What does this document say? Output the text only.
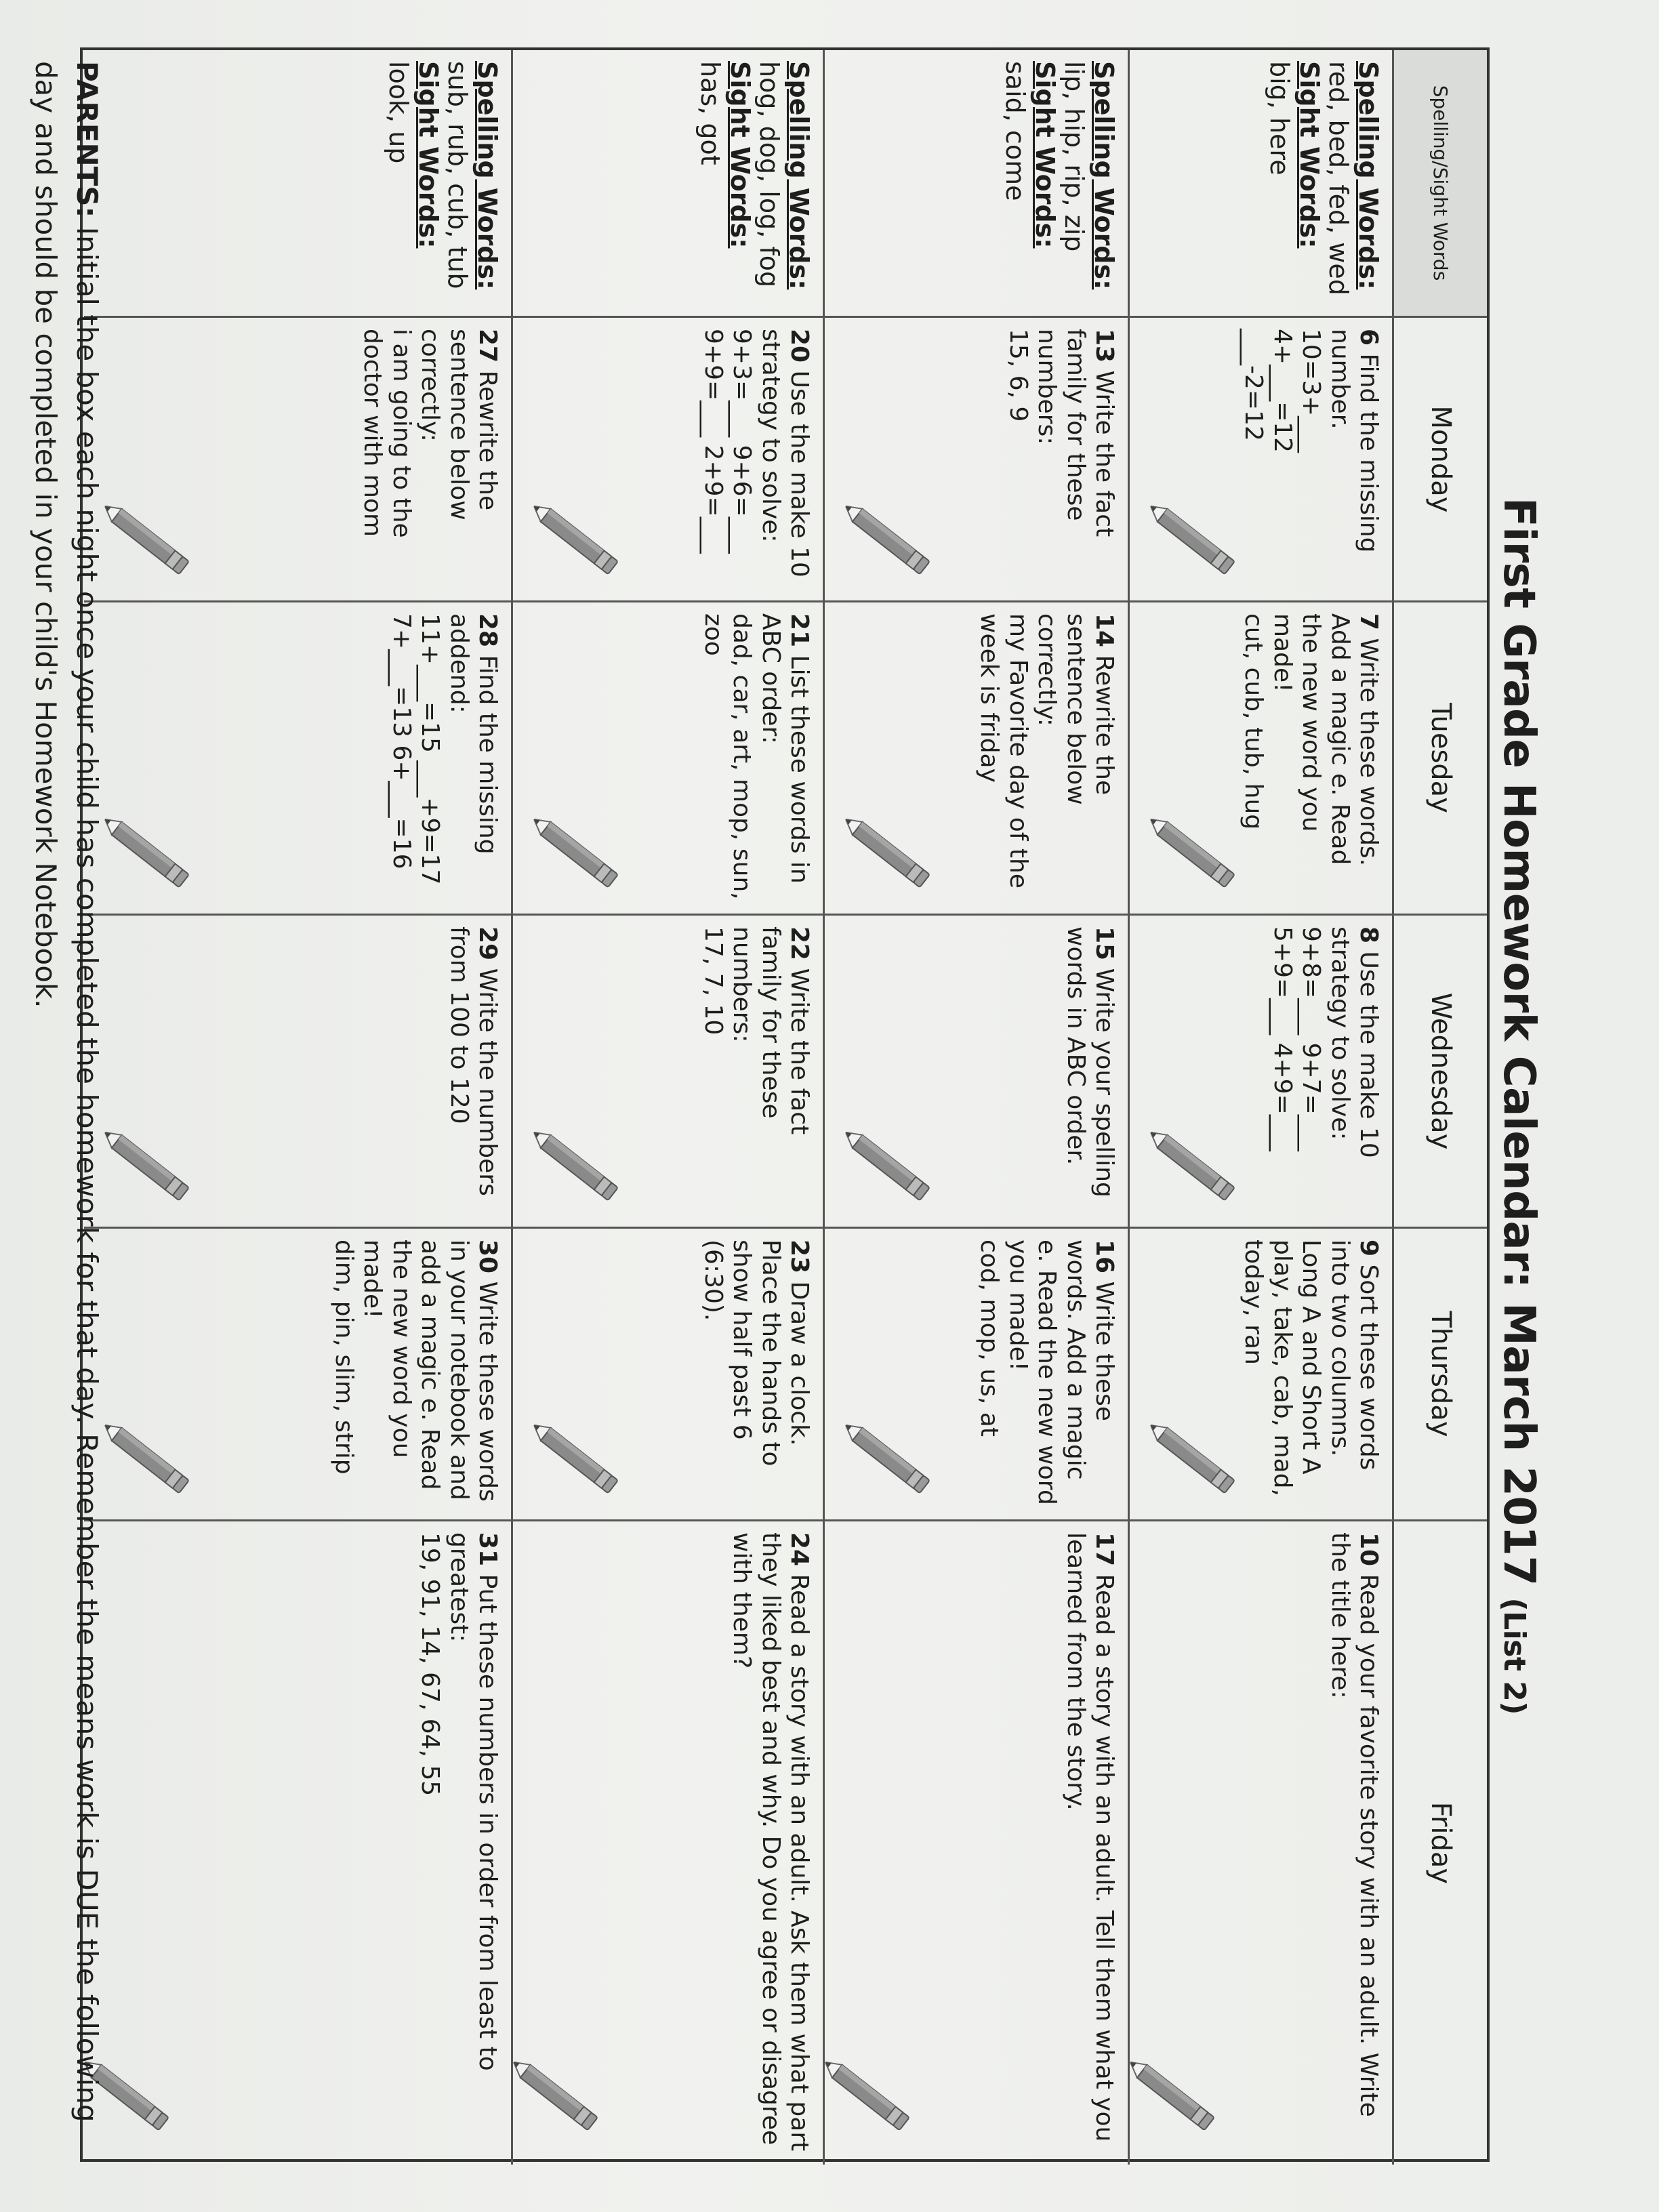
First Grade Homework Calendar: March 2017(List 2)
Spelling/Sight Words
Monday
Tuesday
Wednesday
Thursday
Friday
Spelling Words:
red, bed, fed, wed
Sight Words:
big, here
6 Find the missing number.
10=3+___
4+___=12
___-2=12
7 Write these words. Add a magic e. Read the new word you made!
cut, cub, tub, hug
8 Use the make 10 strategy to solve:
9+8=___ 9+7=___
5+9=___ 4+9=___
9 Sort these words into two columns. Long A and Short A
play, take, cab, mad, today, ran
10 Read your favorite story with an adult. Write the title here:
Spelling Words:
lip, hip, rip, zip
Sight Words:
said, come
13 Write the fact family for these numbers:
15, 6, 9
14 Rewrite the sentence below correctly:
my Favorite day of the week is friday
15 Write your spelling words in ABC order.
16 Write these words. Add a magic e. Read the new word you made!
cod, mop, us, at
17 Read a story with an adult. Tell them what you learned from the story.
Spelling Words:
hog, dog, log, fog
Sight Words:
has, got
20 Use the make 10 strategy to solve:
9+3=___ 9+6=___
9+9=___ 2+9=___
21 List these words in ABC order:
dad, car, art, mop, sun, zoo
22 Write the fact family for these numbers:
17, 7, 10
23 Draw a clock. Place the hands to show half past 6 (6:30).
24 Read a story with an adult. Ask them what part they liked best and why. Do you agree or disagree with them?
Spelling Words:
sub, rub, cub, tub
Sight Words:
look, up
27 Rewrite the sentence below correctly:
i am going to the doctor with mom
28 Find the missing addend:
11+___=15 ___+9=17
7+___=13 6+___=16
29 Write the numbers from 100 to 120
30 Write these words in your notebook and add a magic e. Read the new word you made!
dim, pin, slim, strip
31 Put these numbers in order from least to greatest:
19, 91, 14, 67, 64, 55
PARENTS: Initial the box each night once your child has completed the homework for that day. Remember the means work is DUE the following day and should be completed in your child's Homework Notebook.
